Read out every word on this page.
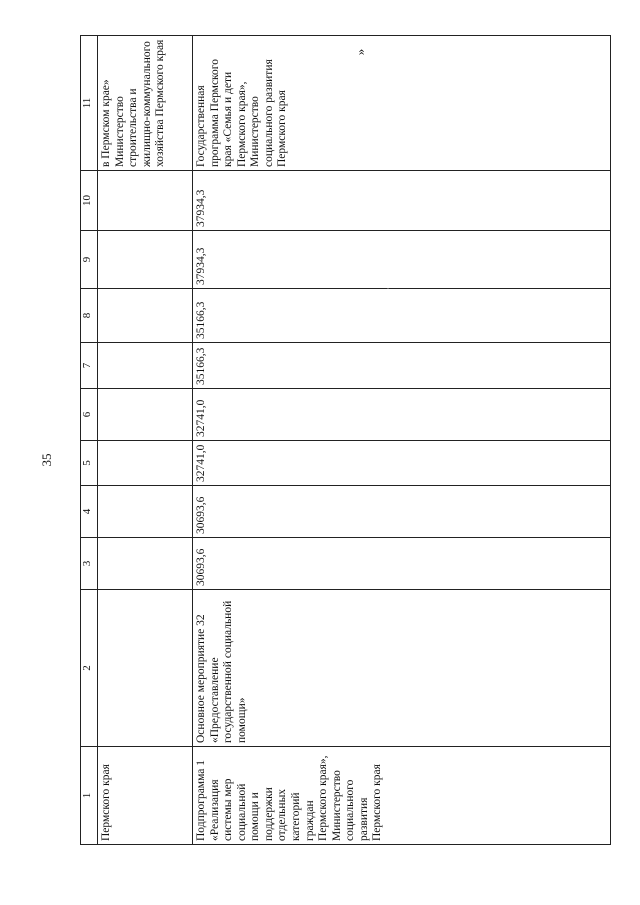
35
1	2	3	4	5	6	7	8	9	10	11
Пермского края										в Пермском крае» Министерство строительства и жилищно-коммунального хозяйства Пермского края
Подпрограмма 1 «Реализация системы мер социальной помощи и поддержки отдельных категорий граждан Пермского края», Министерство социального развития Пермского края	Основное мероприятие 32 «Предоставление государственной социальной помощи»	30693,6	30693,6	32741,0	32741,0	35166,3	35166,3	37934,3	37934,3	Государственная программа Пермского края «Семья и дети Пермского края», Министерство социального развития Пермского края
»
